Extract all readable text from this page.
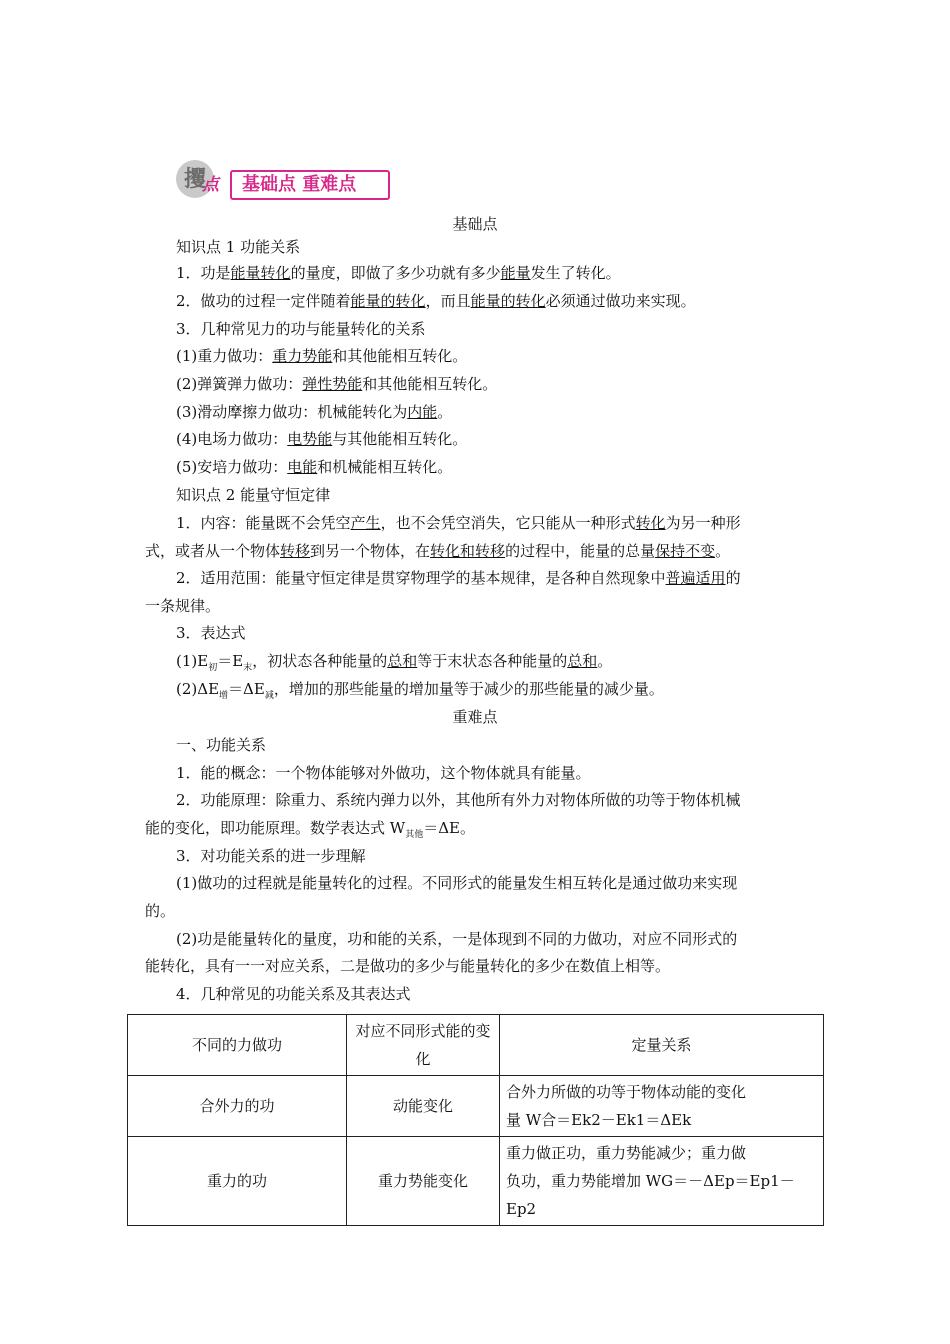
攫
点	基础点 重难点
基础点
知识点 1 功能关系
1．功是能量转化的量度，即做了多少功就有多少能量发生了转化。
2．做功的过程一定伴随着能量的转化，而且能量的转化必须通过做功来实现。
3．几种常见力的功与能量转化的关系
(1)重力做功：重力势能和其他能相互转化。
(2)弹簧弹力做功：弹性势能和其他能相互转化。
(3)滑动摩擦力做功：机械能转化为内能。
(4)电场力做功：电势能与其他能相互转化。
(5)安培力做功：电能和机械能相互转化。
知识点 2 能量守恒定律
1．内容：能量既不会凭空产生，也不会凭空消失，它只能从一种形式转化为另一种形
式，或者从一个物体转移到另一个物体，在转化和转移的过程中，能量的总量保持不变。
2．适用范围：能量守恒定律是贯穿物理学的基本规律，是各种自然现象中普遍适用的
一条规律。
3．表达式
$(1)E_初=E_末$，初状态各种能量的总和等于末状态各种能量的总和。
$(2)\Delta E_增=\Delta E_减$，增加的那些能量的增加量等于减少的那些能量的减少量。
重难点
一、功能关系
1．能的概念：一个物体能够对外做功，这个物体就具有能量。
2．功能原理：除重力、系统内弹力以外，其他所有外力对物体所做的功等于物体机械
能的变化，即功能原理。数学表达式 $W_{其他}=\Delta E$。
3．对功能关系的进一步理解
(1)做功的过程就是能量转化的过程。不同形式的能量发生相互转化是通过做功来实现
的。
(2)功是能量转化的量度，功和能的关系，一是体现到不同的力做功，对应不同形式的
能转化，具有一一对应关系，二是做功的多少与能量转化的多少在数值上相等。
4．几种常见的功能关系及其表达式
不同的力做功	对应不同形式能的变化	定量关系
合外力的功	动能变化	合外力所做的功等于物体动能的变化
量 W合＝Ek2－Ek1＝ΔEk

重力的功	重力势能变化	重力做正功，重力势能减少；重力做
负功，重力势能增加 WG＝－ΔEp＝Ep1－
Ep2
